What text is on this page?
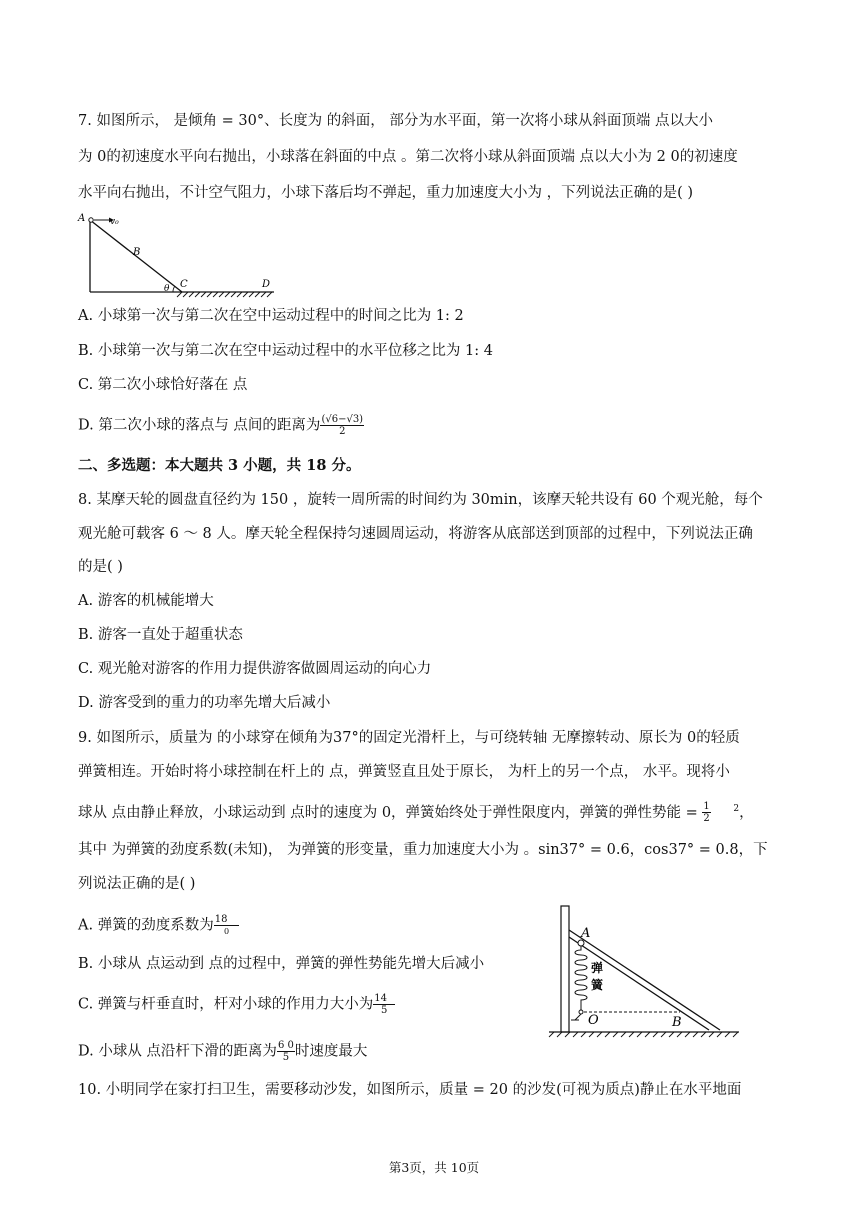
7. 如图所示， 是倾角 = 30°、长度为 的斜面， 部分为水平面，第一次将小球从斜面顶端 点以大小
为 0的初速度水平向右抛出，小球落在斜面的中点 。第二次将小球从斜面顶端 点以大小为 2 0的初速度
水平向右抛出，不计空气阻力，小球下落后均不弹起，重力加速度大小为 ，下列说法正确的是( )
A	v₀
B
θ C	D
A. 小球第一次与第二次在空中运动过程中的时间之比为 1: 2
B. 小球第一次与第二次在空中运动过程中的水平位移之比为 1: 4
C. 第二次小球恰好落在 点
D. 第二次小球的落点与 点间的距离为 $\frac{(√6-√3)}{2}$
二、多选题：本大题共 3 小题，共 18 分。
8. 某摩天轮的圆盘直径约为 150 ，旋转一周所需的时间约为 30min，该摩天轮共设有 60 个观光舱，每个
观光舱可载客 6 ～ 8 人。摩天轮全程保持匀速圆周运动，将游客从底部送到顶部的过程中，下列说法正确
的是( )
A. 游客的机械能增大
B. 游客一直处于超重状态
C. 观光舱对游客的作用力提供游客做圆周运动的向心力
D. 游客受到的重力的功率先增大后减小
9. 如图所示，质量为 的小球穿在倾角为37°的固定光滑杆上，与可绕转轴 无摩擦转动、原长为 0的轻质
弹簧相连。开始时将小球控制在杆上的 点，弹簧竖直且处于原长， 为杆上的另一个点， 水平。现将小
球从 点由静止释放，小球运动到 点时的速度为 0，弹簧始终处于弹性限度内，弹簧的弹性势能 = $\frac{1}{2}$	$^2$，
其中 为弹簧的劲度系数(未知)， 为弹簧的形变量，重力加速度大小为 。sin37° = 0.6，cos37° = 0.8，下
列说法正确的是( )
A. 弹簧的劲度系数为 $\frac{18}{0}$
B. 小球从 点运动到 点的过程中，弹簧的弹性势能先增大后减小
C. 弹簧与杆垂直时，杆对小球的作用力大小为 $\frac{14}{5}$
D. 小球从 点沿杆下滑的距离为 $\frac{6 0}{5}$ 时速度最大
A
弹
簧
O	B
10. 小明同学在家打扫卫生，需要移动沙发，如图所示，质量 = 20 的沙发(可视为质点)静止在水平地面
第3页，共 10页
